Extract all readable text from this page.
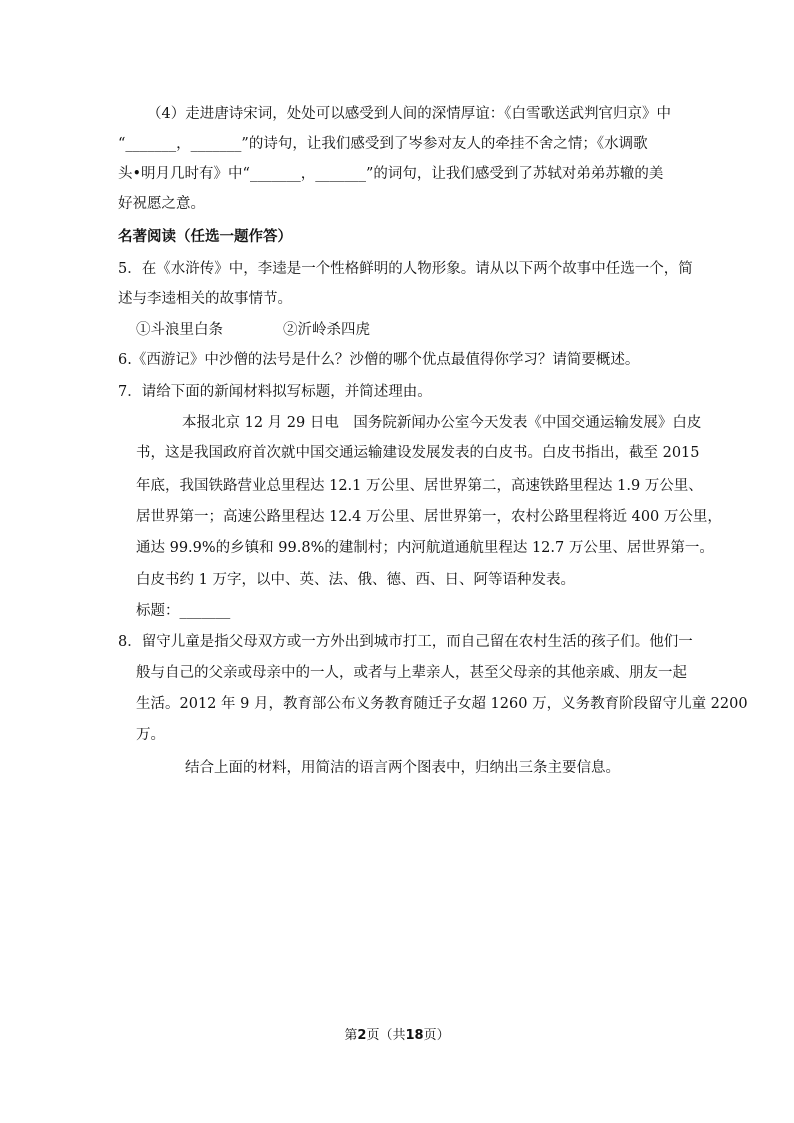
（4）走进唐诗宋词，处处可以感受到人间的深情厚谊：《白雪歌送武判官归京》中
“_______，_______”的诗句，让我们感受到了岑参对友人的牵挂不舍之情；《水调歌
头•明月几时有》中“_______，_______”的词句，让我们感受到了苏轼对弟弟苏辙的美
好祝愿之意。
名著阅读（任选一题作答）
5．在《水浒传》中，李逵是一个性格鲜明的人物形象。请从以下两个故事中任选一个，简
述与李逵相关的故事情节。
①斗浪里白条	②沂岭杀四虎
6.《西游记》中沙僧的法号是什么？沙僧的哪个优点最值得你学习？请简要概述。
7．请给下面的新闻材料拟写标题，并简述理由。
本报北京 12 月 29 日电　国务院新闻办公室今天发表《中国交通运输发展》白皮
书，这是我国政府首次就中国交通运输建设发展发表的白皮书。白皮书指出，截至 2015
年底，我国铁路营业总里程达 12.1 万公里、居世界第二，高速铁路里程达 1.9 万公里、
居世界第一；高速公路里程达 12.4 万公里、居世界第一，农村公路里程将近 400 万公里，
通达 99.9%的乡镇和 99.8%的建制村；内河航道通航里程达 12.7 万公里、居世界第一。
白皮书约 1 万字，以中、英、法、俄、德、西、日、阿等语种发表。
标题：_______
8．留守儿童是指父母双方或一方外出到城市打工，而自己留在农村生活的孩子们。他们一
般与自己的父亲或母亲中的一人，或者与上辈亲人，甚至父母亲的其他亲戚、朋友一起
生活。2012 年 9 月，教育部公布义务教育随迁子女超 1260 万，义务教育阶段留守儿童 2200
万。
结合上面的材料，用简洁的语言两个图表中，归纳出三条主要信息。
第2页（共18页）
